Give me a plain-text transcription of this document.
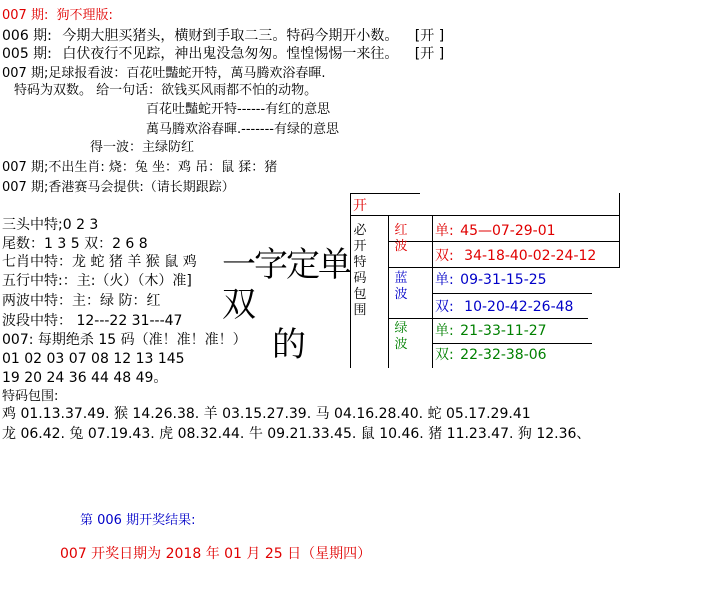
007 期: 狗不理版:
006 期: 今期大胆买猪头，横财到手取二三。特码今期开小数。 [开 ]
005 期: 白伏夜行不见踪，神出鬼没急匆匆。惶惶惕惕一来往。 [开 ]
007 期;足球报看波：百花吐豔蛇开特，萬马腾欢浴春暉.
特码为双数。 给一句话：欲钱买风雨都不怕的动物。
百花吐豔蛇开特------有红的意思
萬马腾欢浴春暉.-------有绿的意思
得一波：主绿防红
007 期;不出生肖: 烧：兔 坐：鸡 吊：鼠 猱：猪
007 期;香港赛马会提供:（请长期跟踪）
三头中特;0 2 3
尾数：1 3 5 双：2 6 8
七肖中特：龙 蛇 猪 羊 猴 鼠 鸡
五行中特:：主:（火）（木）准]
两波中特：主：绿 防：红
波段中特： 12---22 31---47
007: 每期绝杀 15 码（准！准！准！）
01 02 03 07 08 12 13 145
19 20 24 36 44 48 49。
特码包围:
鸡 01.13.37.49. 猴 14.26.38. 羊 03.15.27.39. 马 04.16.28.40. 蛇 05.17.29.41
龙 06.42. 兔 07.19.43. 虎 08.32.44. 牛 09.21.33.45. 鼠 10.46. 猪 11.23.47. 狗 12.36、
第 006 期开奖结果:
007 开奖日期为 2018 年 01 月 25 日（星期四）
一字定单双
的
开
必开特码包围
红波
单: 45—07-29-01
双: 34-18-40-02-24-12
蓝波
单: 09-31-15-25
双: 10-20-42-26-48
绿波
单: 21-33-11-27
双: 22-32-38-06
